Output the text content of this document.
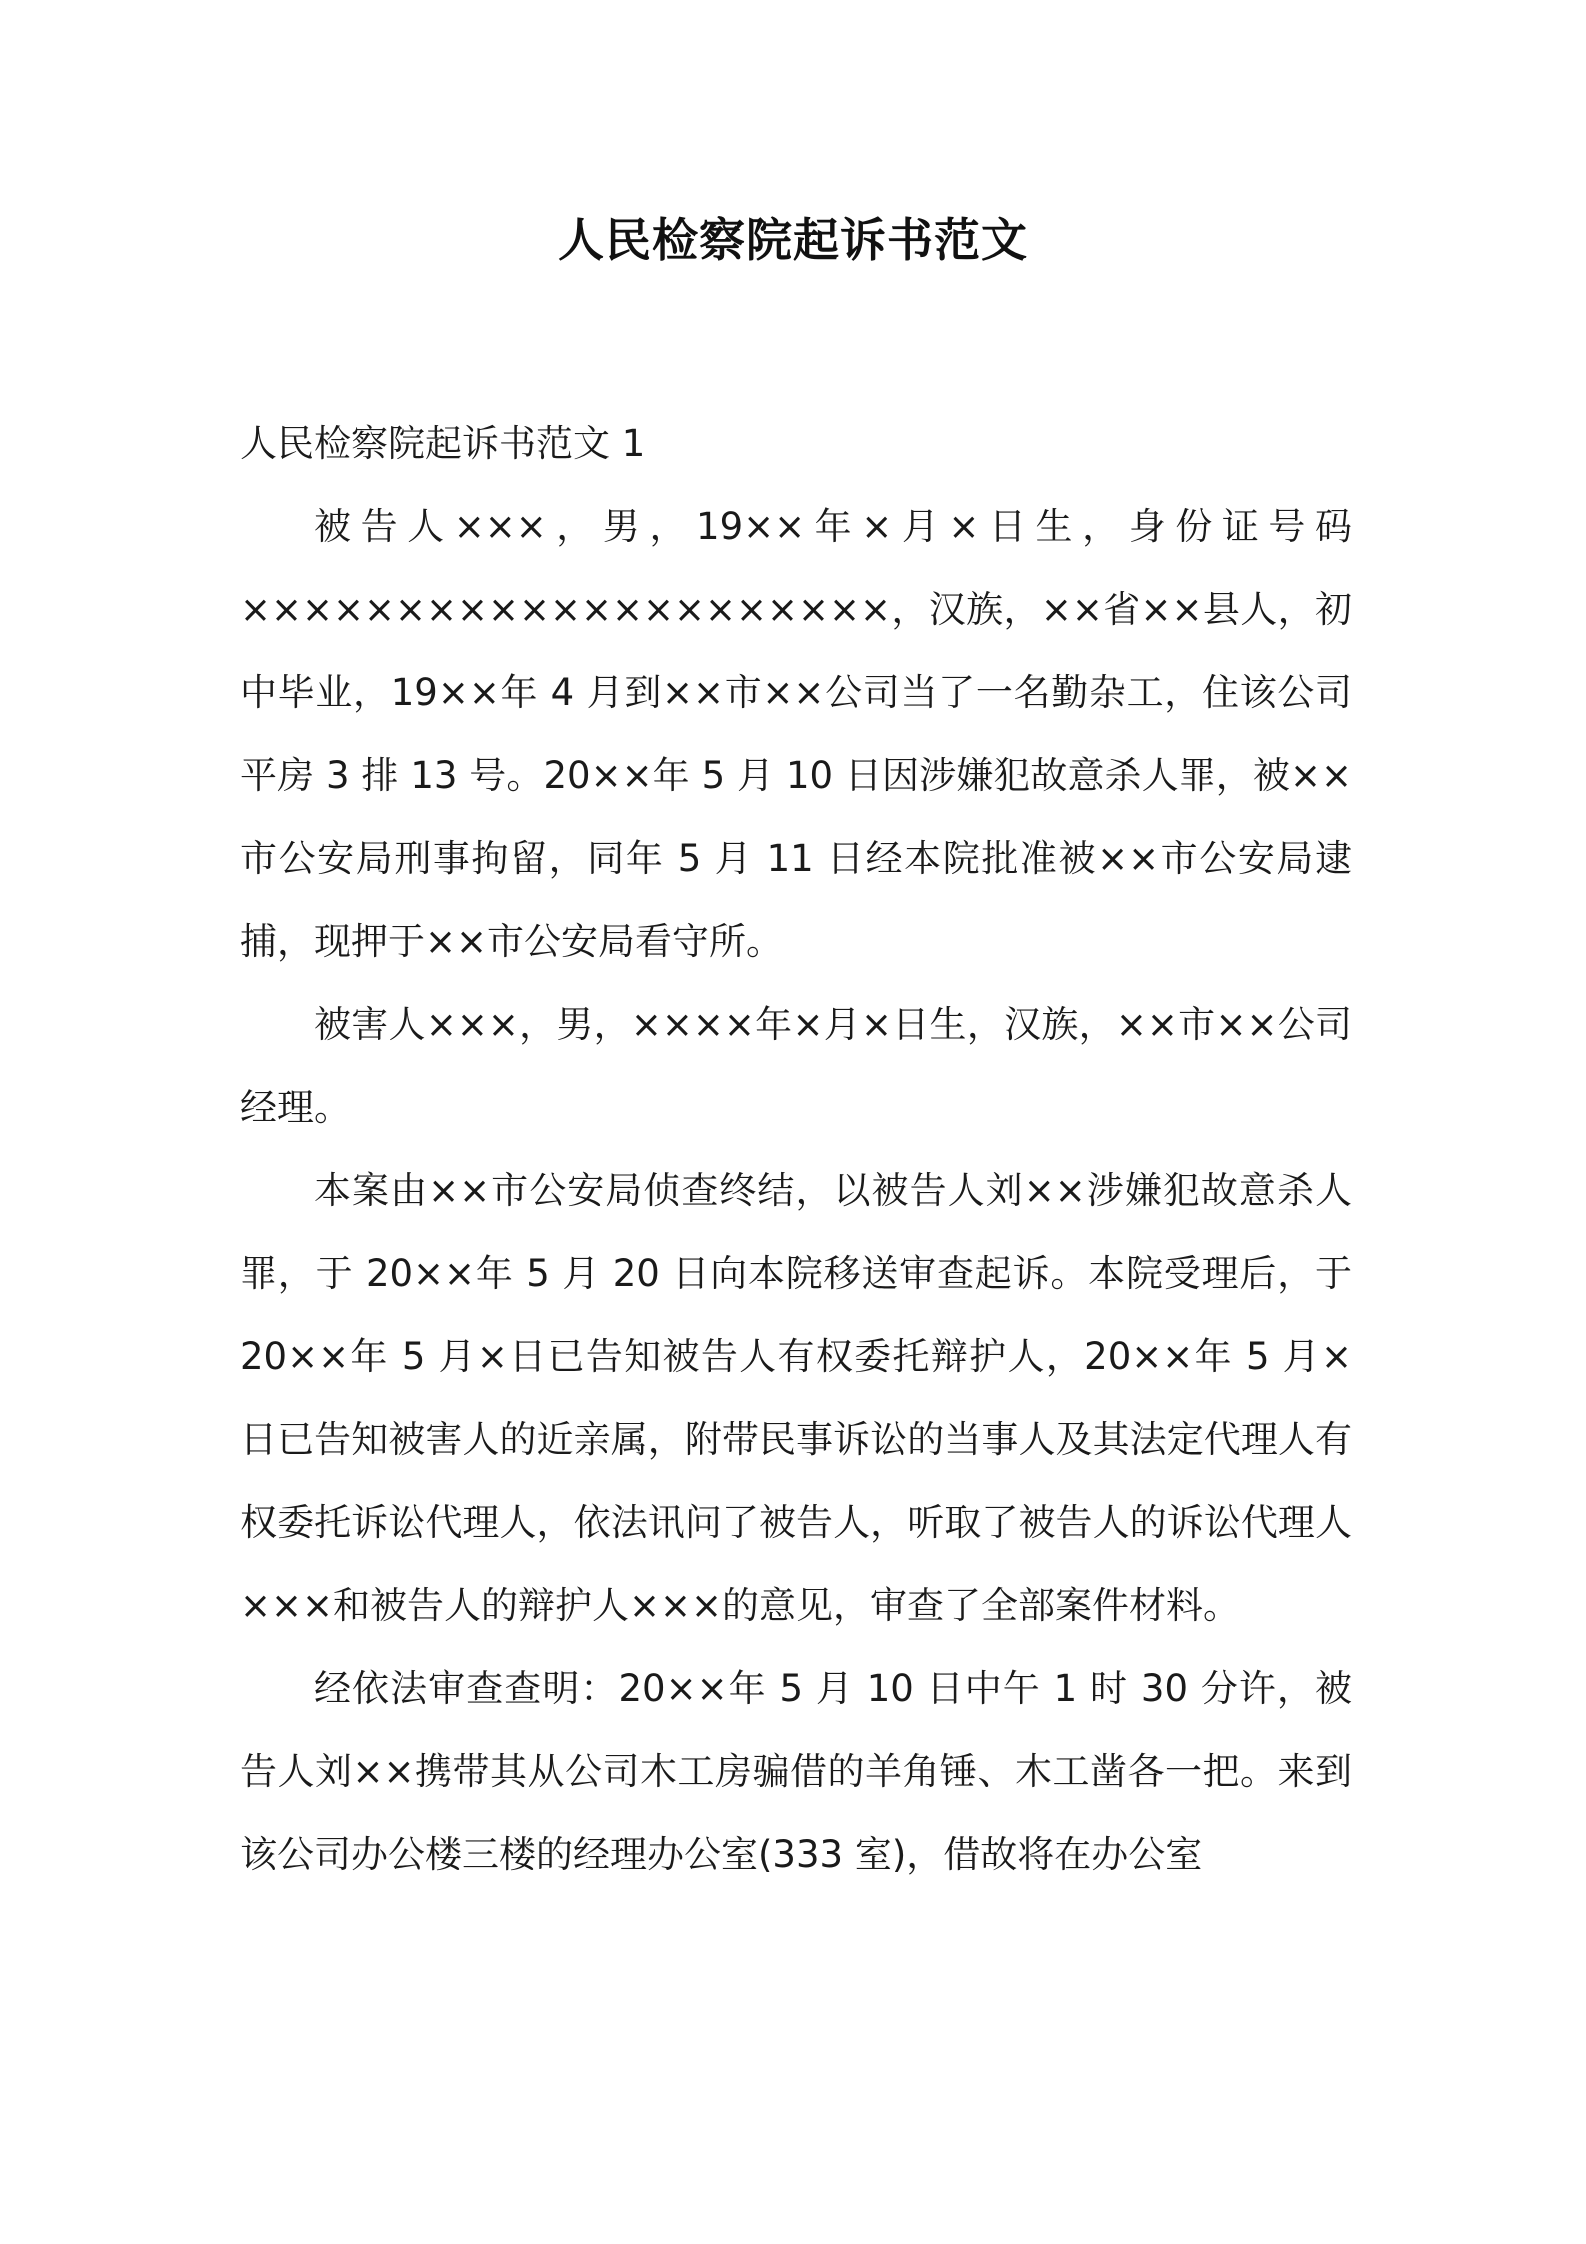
人民检察院起诉书范文

人民检察院起诉书范文 1

被告人×××，男，19××年×月×日生，身份证号码×××××××××××××××××××××，汉族，××省××县人，初中毕业，19××年 4 月到××市××公司当了一名勤杂工，住该公司平房 3 排 13 号。20××年 5 月 10 日因涉嫌犯故意杀人罪，被××市公安局刑事拘留，同年 5 月 11 日经本院批准被××市公安局逮捕，现押于××市公安局看守所。

被害人×××，男，××××年×月×日生，汉族，××市××公司经理。

本案由××市公安局侦查终结，以被告人刘××涉嫌犯故意杀人罪，于 20××年 5 月 20 日向本院移送审查起诉。本院受理后，于 20××年 5 月×日已告知被告人有权委托辩护人，20××年 5 月×日已告知被害人的近亲属，附带民事诉讼的当事人及其法定代理人有权委托诉讼代理人，依法讯问了被告人，听取了被告人的诉讼代理人×××和被告人的辩护人×××的意见，审查了全部案件材料。

经依法审查查明：20××年 5 月 10 日中午 1 时 30 分许，被告人刘××携带其从公司木工房骗借的羊角锤、木工凿各一把。来到该公司办公楼三楼的经理办公室(333 室)，借故将在办公室
